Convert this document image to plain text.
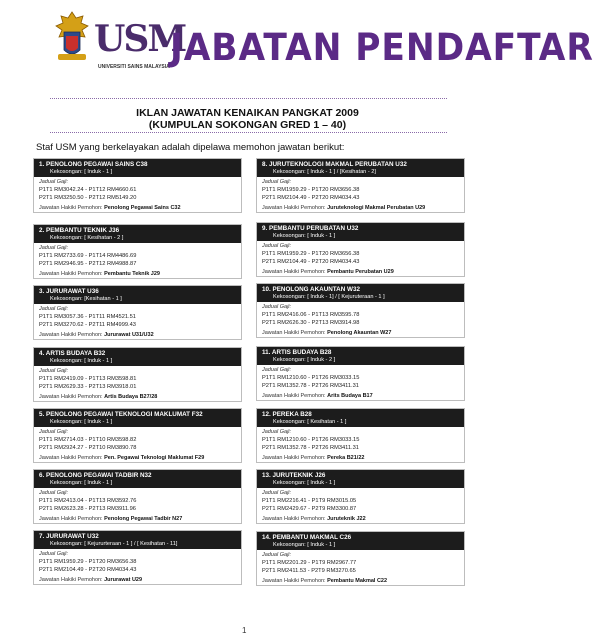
USM
UNIVERSITI SAINS MALAYSIA JABATAN PENDAFTAR
IKLAN JAWATAN KENAIKAN PANGKAT 2009
(KUMPULAN SOKONGAN GRED 1 – 40)
Staf USM yang berkelayakan adalah dipelawa memohon jawatan berikut:
1. PENOLONG PEGAWAI SAINS C38
Kekosongan: [ Induk - 1 ]
Jadual Gaji:
P1T1 RM3042.24 - P1T12 RM4660.61
P2T1 RM3250.50 - P2T12 RM5149.20
Jawatan Hakiki Pemohon: Penolong Pegawai Sains C32
2. PEMBANTU TEKNIK J36
Kekosongan: [ Kesihatan - 2 ]
Jadual Gaji:
P1T1 RM2733.69 - P1T14 RM4486.69
P2T1 RM2946.95 - P2T12 RM4988.87
Jawatan Hakiki Pemohon: Pembantu Teknik J29
3. JURURAWAT U36
Kekosongan: [Kesihatan - 1 ]
Jadual Gaji:
P1T1 RM3057.36 - P1T11 RM4521.51
P2T1 RM3270.62 - P2T11 RM4999.43
Jawatan Hakiki Pemohon: Jururawat U31/U32
4. ARTIS BUDAYA B32
Kekosongan: [ Induk - 1 ]
Jadual Gaji:
P1T1 RM2419.09 - P1T13 RM3598.81
P2T1 RM2629.33 - P2T13 RM3918.01
Jawatan Hakiki Pemohon: Artis Budaya B27/28
5. PENOLONG PEGAWAI TEKNOLOGI MAKLUMAT F32
Kekosongan: [ Induk - 1 ]
Jadual Gaji:
P1T1 RM2714.03 - P1T10 RM3598.82
P2T1 RM2924.27 - P2T10 RM3890.78
Jawatan Hakiki Pemohon: Pen. Pegawai Teknologi Maklumat F29
6. PENOLONG PEGAWAI TADBIR N32
Kekosongan: [ Induk - 1 ]
Jadual Gaji:
P1T1 RM2413.04 - P1T13 RM3592.76
P2T1 RM2623.28 - P2T13 RM3911.96
Jawatan Hakiki Pemohon: Penolong Pegawai Tadbir N27
7. JURURAWAT U32
Kekosongan: [ Kejururteraan - 1 ] / [ Kesihatan - 11]
Jadual Gaji:
P1T1 RM1959.29 - P1T20 RM3656.38
P2T1 RM2104.49 - P2T20 RM4034.43
Jawatan Hakiki Pemohon: Jururawat U29
8. JURUTEKNOLOGI MAKMAL PERUBATAN U32
Kekosongan: [ Induk - 1 ] / [Kesihatan - 2]
Jadual Gaji:
P1T1 RM1959.29 - P1T20 RM3656.38
P2T1 RM2104.49 - P2T20 RM4034.43
Jawatan Hakiki Pemohon: Juruteknologi Makmal Perubatan U29
9. PEMBANTU PERUBATAN U32
Kekosongan: [ Induk - 1 ]
Jadual Gaji:
P1T1 RM1959.29 - P1T20 RM3656.38
P2T1 RM2104.49 - P2T20 RM4034.43
Jawatan Hakiki Pemohon: Pembantu Perubatan U29
10. PENOLONG AKAUNTAN W32
Kekosongan: [ Induk - 1] / [ Kejuruteraan - 1 ]
Jadual Gaji:
P1T1 RM2416.06 - P1T13 RM3595.78
P2T1 RM2626.30 - P2T13 RM3914.98
Jawatan Hakiki Pemohon: Penolong Akauntan W27
11. ARTIS BUDAYA B28
Kekosongan: [ Induk - 2 ]
Jadual Gaji:
P1T1 RM1210.60 - P1T26 RM3033.15
P2T1 RM1352.78 - P2T26 RM3411.31
Jawatan Hakiki Pemohon: Arits Budaya B17
12. PEREKA B28
Kekosongan: [ Kesihatan - 1 ]
Jadual Gaji:
P1T1 RM1210.60 - P1T26 RM3033.15
P2T1 RM1352.78 - P2T26 RM3411.31
Jawatan Hakiki Pemohon: Pereka B21/22
13. JURUTEKNIK J26
Kekosongan: [ Induk - 1 ]
Jadual Gaji:
P1T1 RM2216.41 - P1T9 RM3015.05
P2T1 RM2429.67 - P2T9 RM3300.87
Jawatan Hakiki Pemohon: Juruteknik J22
14. PEMBANTU MAKMAL C26
Kekosongan: [ Induk - 1 ]
Jadual Gaji:
P1T1 RM2201.29 - P1T9 RM2967.77
P2T1 RM2411.53 - P2T9 RM3270.65
Jawatan Hakiki Pemohon: Pembantu Makmal C22
1
